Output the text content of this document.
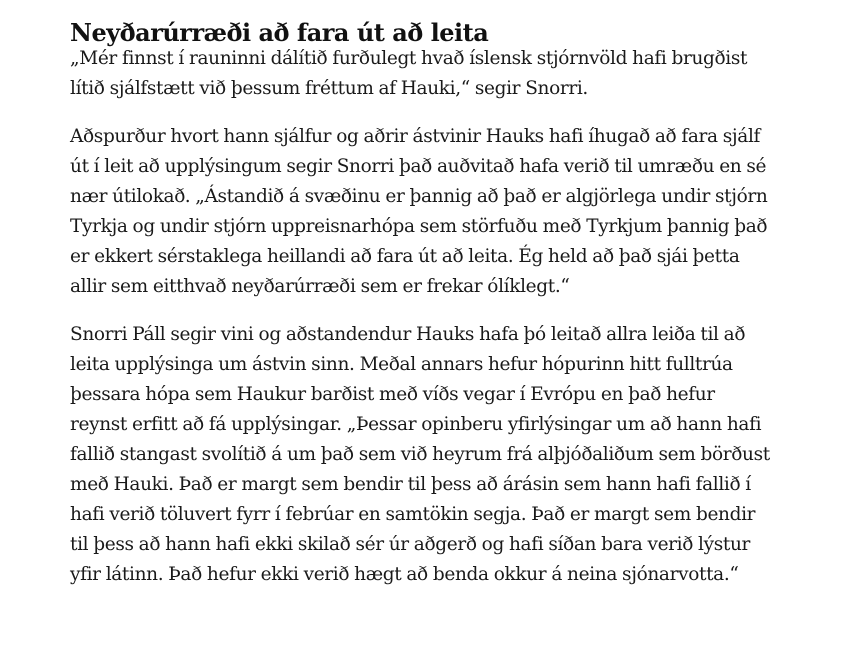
Neyðarúrræði að fara út að leita

„Mér finnst í rauninni dálítið furðulegt hvað íslensk stjórnvöld hafi brugðist lítið sjálfstætt við þessum fréttum af Hauki,“ segir Snorri.

Aðspurður hvort hann sjálfur og aðrir ástvinir Hauks hafi íhugað að fara sjálf út í leit að upplýsingum segir Snorri það auðvitað hafa verið til umræðu en sé nær útilokað. „Ástandið á svæðinu er þannig að það er algjörlega undir stjórn Tyrkja og undir stjórn uppreisnarhópa sem störfuðu með Tyrkjum þannig það er ekkert sérstaklega heillandi að fara út að leita. Ég held að það sjái þetta allir sem eitthvað neyðarúrræði sem er frekar ólíklegt.“

Snorri Páll segir vini og aðstandendur Hauks hafa þó leitað allra leiða til að leita upplýsinga um ástvin sinn. Meðal annars hefur hópurinn hitt fulltrúa þessara hópa sem Haukur barðist með víðs vegar í Evrópu en það hefur reynst erfitt að fá upplýsingar. „Þessar opinberu yfirlýsingar um að hann hafi fallið stangast svolítið á um það sem við heyrum frá alþjóðaliðum sem börðust með Hauki. Það er margt sem bendir til þess að árásin sem hann hafi fallið í hafi verið töluvert fyrr í febrúar en samtökin segja. Það er margt sem bendir til þess að hann hafi ekki skilað sér úr aðgerð og hafi síðan bara verið lýstur yfir látinn. Það hefur ekki verið hægt að benda okkur á neina sjónarvotta.“
